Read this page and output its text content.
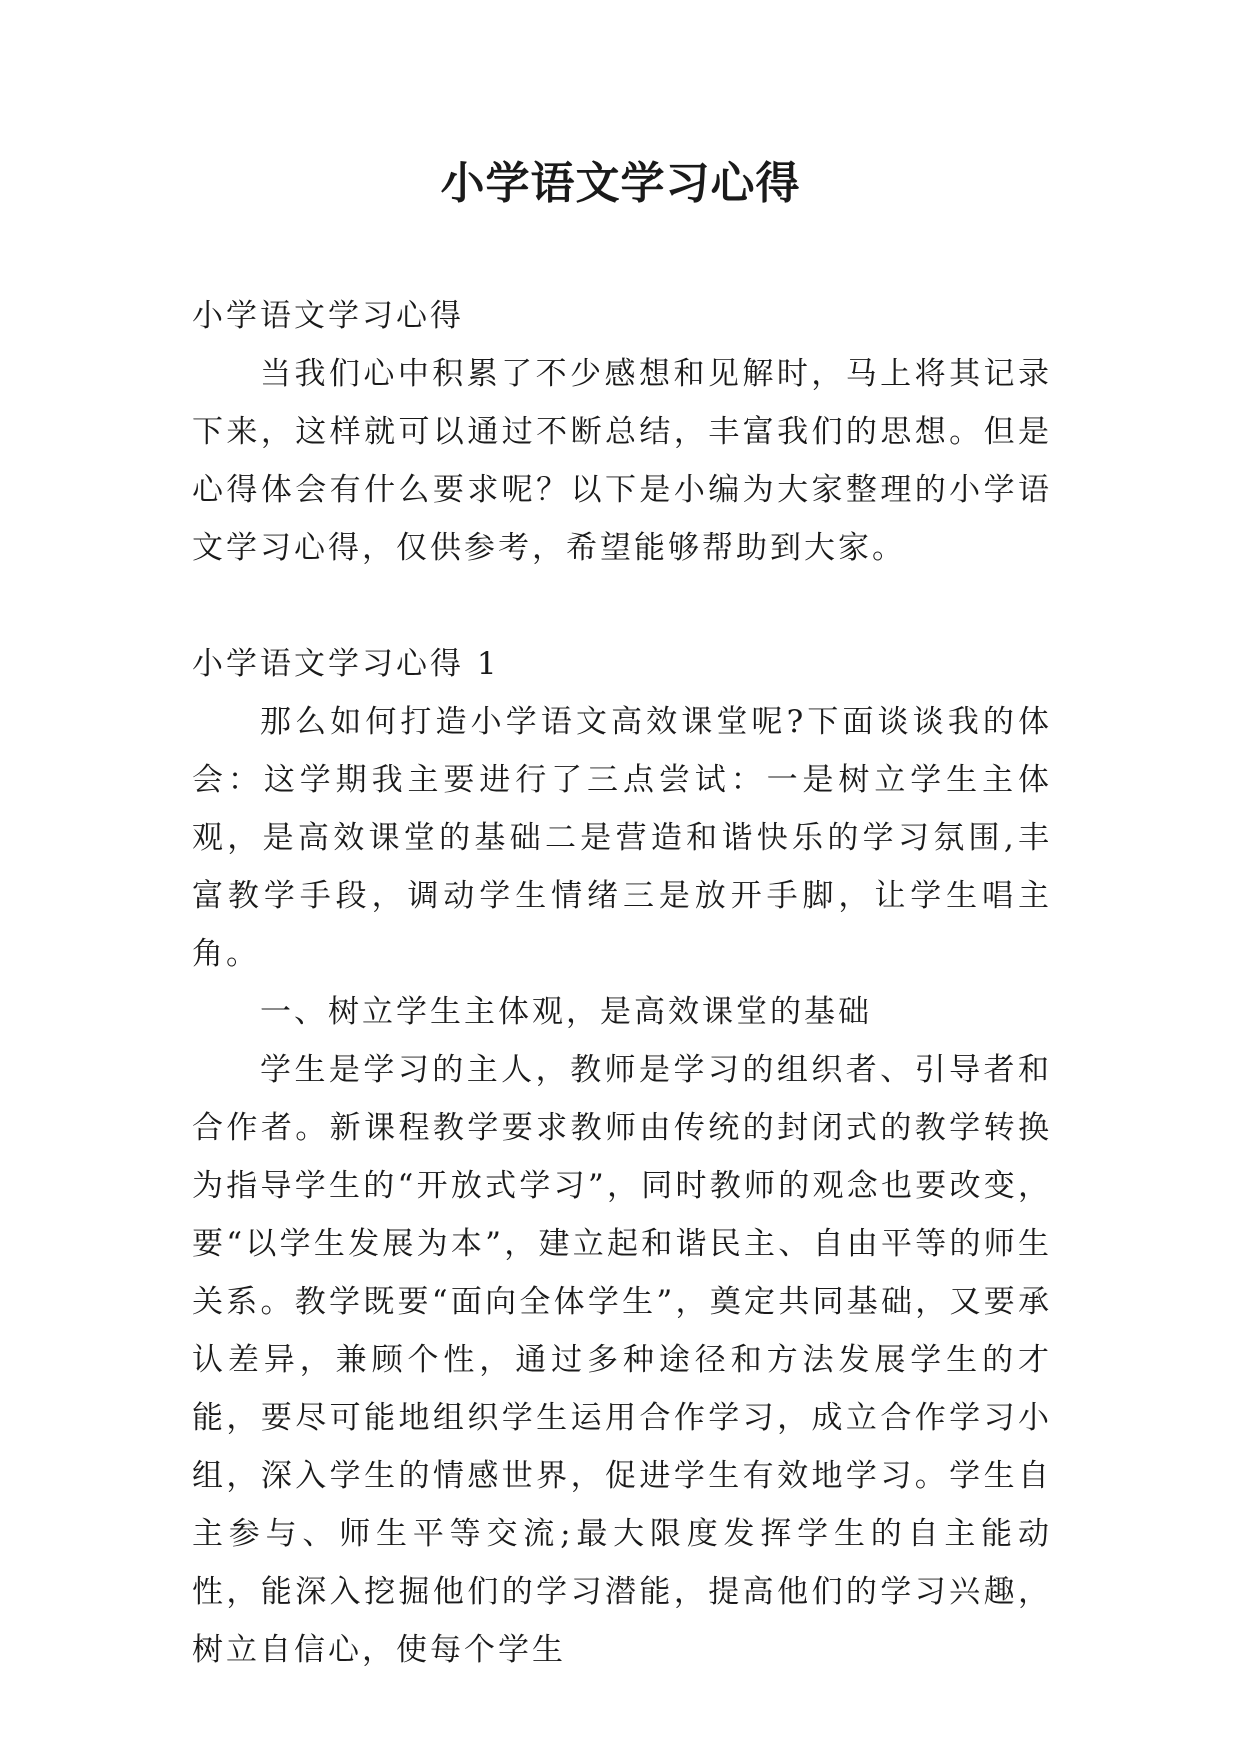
小学语文学习心得

小学语文学习心得

当我们心中积累了不少感想和见解时，马上将其记录下来，这样就可以通过不断总结，丰富我们的思想。但是心得体会有什么要求呢？以下是小编为大家整理的小学语文学习心得，仅供参考，希望能够帮助到大家。

小学语文学习心得 1

那么如何打造小学语文高效课堂呢?下面谈谈我的体会：这学期我主要进行了三点尝试：一是树立学生主体观，是高效课堂的基础二是营造和谐快乐的学习氛围,丰富教学手段，调动学生情绪三是放开手脚，让学生唱主角。

一、树立学生主体观，是高效课堂的基础

学生是学习的主人，教师是学习的组织者、引导者和合作者。新课程教学要求教师由传统的封闭式的教学转换为指导学生的“开放式学习”，同时教师的观念也要改变，要“以学生发展为本”，建立起和谐民主、自由平等的师生关系。教学既要“面向全体学生”，奠定共同基础，又要承认差异，兼顾个性，通过多种途径和方法发展学生的才能，要尽可能地组织学生运用合作学习，成立合作学习小组，深入学生的情感世界，促进学生有效地学习。学生自主参与、师生平等交流;最大限度发挥学生的自主能动性，能深入挖掘他们的学习潜能，提高他们的学习兴趣，树立自信心，使每个学生
